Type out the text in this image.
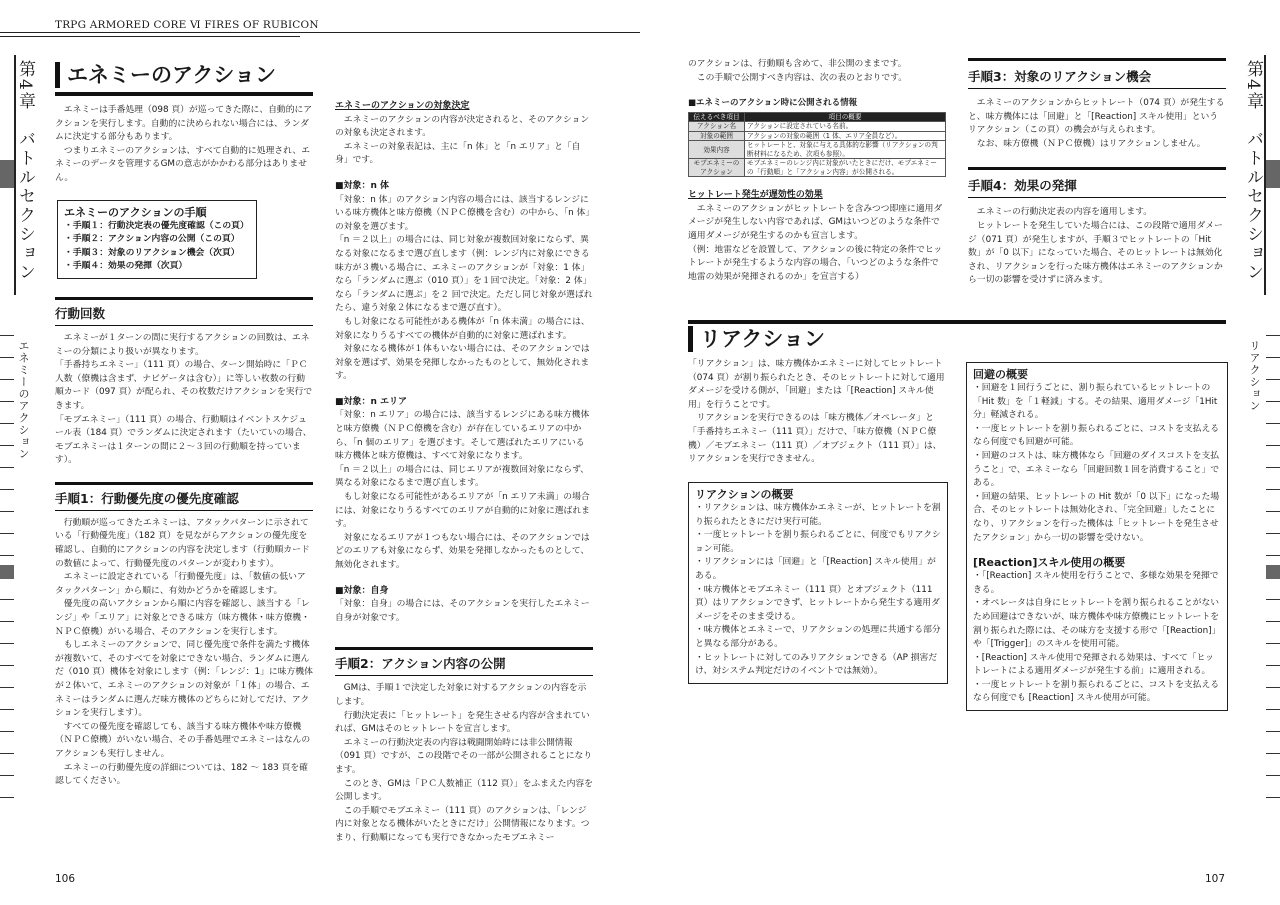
TRPG ARMORED CORE Ⅵ FIRES OF RUBICON
第4章　バトルセクション
エネミーのアクション
第4章　バトルセクション
リアクション
エネミーのアクション

エネミーは手番処理（098 頁）が巡ってきた際に、自動的にアクションを実行します。自動的に決められない場合には、ランダムに決定する部分もあります。

つまりエネミーのアクションは、すべて自動的に処理され、エネミーのデータを管理するGMの意志がかかわる部分はありません。

エネミーのアクションの手順
・手順１：行動決定表の優先度確認（この頁）
・手順２：アクション内容の公開（この頁）
・手順３：対象のリアクション機会（次頁）
・手順４：効果の発揮（次頁）
行動回数

エネミーが１ターンの間に実行するアクションの回数は、エネミーの分類により扱いが異なります。

「手番持ちエネミー」（111 頁）の場合、ターン開始時に「ＰＣ人数（僚機は含まず、ナビゲータは含む）」に等しい枚数の行動順カード（097 頁）が配られ、その枚数だけアクションを実行できます。

「モブエネミー」（111 頁）の場合、行動順はイベントスケジュール表（184 頁）でランダムに決定されます（たいていの場合、モブエネミーは１ターンの間に２～３回の行動順を持っています）。

手順1：行動優先度の優先度確認

行動順が巡ってきたエネミーは、アタックパターンに示されている「行動優先度」（182 頁）を見ながらアクションの優先度を確認し、自動的にアクションの内容を決定します（行動順カードの数値によって、行動優先度のパターンが変わります）。

エネミーに設定されている「行動優先度」は、「数値の低いアタックパターン」から順に、有効かどうかを確認します。

優先度の高いアクションから順に内容を確認し、該当する「レンジ」や「エリア」に対象とできる味方（味方機体・味方僚機・ＮＰＣ僚機）がいる場合、そのアクションを実行します。

もしエネミーのアクションで、同じ優先度で条件を満たす機体が複数いて、そのすべてを対象にできない場合、ランダムに選んだ（010 頁）機体を対象にします（例：「レンジ：1」に味方機体が２体いて、エネミーのアクションの対象が「１体」の場合、エネミーはランダムに選んだ味方機体のどちらに対してだけ、アクションを実行します）。

すべての優先度を確認しても、該当する味方機体や味方僚機（ＮＰＣ僚機）がいない場合、その手番処理でエネミーはなんのアクションも実行しません。

エネミーの行動優先度の詳細については、182 ～ 183 頁を確認してください。

エネミーのアクションの対象決定

エネミーのアクションの内容が決定されると、そのアクションの対象も決定されます。

エネミーの対象表記は、主に「n 体」と「n エリア」と「自身」です。

■対象：n 体

「対象：n 体」のアクション内容の場合には、該当するレンジにいる味方機体と味方僚機（ＮＰＣ僚機を含む）の中から、「n 体」の対象を選びます。

「n ＝２以上」の場合には、同じ対象が複数回対象にならず、異なる対象になるまで選び直します（例：レンジ内に対象にできる味方が３機いる場合に、エネミーのアクションが「対象：1 体」なら「ランダムに選ぶ（010 頁）」を１回で決定。「対象：2 体」なら「ランダムに選ぶ」を２ 回で決定。ただし同じ対象が選ばれたら、違う対象２体になるまで選び直す）。

もし対象になる可能性がある機体が「n 体未満」の場合には、対象になりうるすべての機体が自動的に対象に選ばれます。

対象になる機体が１体もいない場合には、そのアクションでは対象を選ばず、効果を発揮しなかったものとして、無効化されます。

■対象：n エリア

「対象：n エリア」の場合には、該当するレンジにある味方機体と味方僚機（ＮＰＣ僚機を含む）が存在しているエリアの中から、「n 個のエリア」を選びます。そして選ばれたエリアにいる味方機体と味方僚機は、すべて対象になります。

「n ＝２以上」の場合には、同じエリアが複数回対象にならず、異なる対象になるまで選び直します。

もし対象になる可能性があるエリアが「n エリア未満」の場合には、対象になりうるすべてのエリアが自動的に対象に選ばれます。

対象になるエリアが１つもない場合には、そのアクションではどのエリアも対象にならず、効果を発揮しなかったものとして、無効化されます。

■対象：自身

「対象：自身」の場合には、そのアクションを実行したエネミー自身が対象です。

手順2：アクション内容の公開

GMは、手順１で決定した対象に対するアクションの内容を示します。

行動決定表に「ヒットレート」を発生させる内容が含まれていれば、GMはそのヒットレートを宣言します。

エネミーの行動決定表の内容は戦闘開始時には非公開情報（091 頁）ですが、この段階でその一部が公開されることになります。

このとき、GMは「ＰＣ人数補正（112 頁）」をふまえた内容を公開します。

この手順でモブエネミー（111 頁）のアクションは、「レンジ内に対象となる機体がいたときにだけ」公開情報になります。つまり、行動順になっても実行できなかったモブエネミー

のアクションは、行動順も含めて、非公開のままです。

この手順で公開すべき内容は、次の表のとおりです。

■エネミーのアクション時に公開される情報
伝えるべき項目	項目の概要
アクション名	アクションに設定されている名前。
対象の範囲	アクションの対象の範囲（1 体、エリア全員など）。
効果内容	ヒットレートと、対象に与える具体的な影響（リアクションの判断材料になるため、次項も参照）。
モブエネミーのアクション	モブエネミーのレンジ内に対象がいたときにだけ、モブエネミーの「行動順」と「アクション内容」が公開される。
ヒットレート発生が遅効性の効果

エネミーのアクションがヒットレートを含みつつ即座に適用ダメージが発生しない内容であれば、GMはいつどのような条件で適用ダメージが発生するのかも宣言します。

（例：地雷などを設置して、アクションの後に特定の条件でヒットレートが発生するような内容の場合、「いつどのような条件で地雷の効果が発揮されるのか」を宣言する）

手順3：対象のリアクション機会

エネミーのアクションからヒットレート（074 頁）が発生すると、味方機体には「回避」と「[Reaction] スキル使用」というリアクション（この頁）の機会が与えられます。

なお、味方僚機（ＮＰＣ僚機）はリアクションしません。

手順4：効果の発揮

エネミーの行動決定表の内容を適用します。

ヒットレートを発生していた場合には、この段階で適用ダメージ（071 頁）が発生しますが、手順３でヒットレートの「Hit 数」が「0 以下」になっていた場合、そのヒットレートは無効化され、リアクションを行った味方機体はエネミーのアクションから一切の影響を受けずに済みます。

リアクション

「リアクション」は、味方機体かエネミーに対してヒットレート（074 頁）が割り振られたとき、そのヒットレートに対して適用ダメージを受ける側が、「回避」または「[Reaction] スキル使用」を行うことです。

リアクションを実行できるのは「味方機体／オペレータ」と「手番持ちエネミー（111 頁）」だけで、「味方僚機（ＮＰＣ僚機）／モブエネミー（111 頁）／オブジェクト（111 頁）」は、リアクションを実行できません。

リアクションの概要
・リアクションは、味方機体かエネミーが、ヒットレートを割り振られたときにだけ実行可能。
・一度ヒットレートを割り振られるごとに、何度でもリアクション可能。
・リアクションには「回避」と「[Reaction] スキル使用」がある。
・味方機体とモブエネミー（111 頁）とオブジェクト（111 頁）はリアクションできず、ヒットレートから発生する適用ダメージをそのまま受ける。
・味方機体とエネミーで、リアクションの処理に共通する部分と異なる部分がある。
・ヒットレートに対してのみリアクションできる（AP 損害だけ、対システム判定だけのイベントでは無効）。
回避の概要
・回避を１回行うごとに、割り振られているヒットレートの「Hit 数」を「１軽減」する。その結果、適用ダメージ「1Hit 分」軽減される。
・一度ヒットレートを割り振られるごとに、コストを支払えるなら何度でも回避が可能。
・回避のコストは、味方機体なら「回避のダイスコストを支払うこと」で、エネミーなら「回避回数１回を消費すること」である。
・回避の結果、ヒットレートの Hit 数が「0 以下」になった場合、そのヒットレートは無効化され、「完全回避」したことになり、リアクションを行った機体は「ヒットレートを発生させたアクション」から一切の影響を受けない。
[Reaction]スキル使用の概要
・「[Reaction] スキル使用を行うことで、多様な効果を発揮できる。
・オペレータは自身にヒットレートを割り振られることがないため回避はできないが、味方機体や味方僚機にヒットレートを割り振られた際には、その味方を支援する形で「[Reaction]」や「[Trigger]」のスキルを使用可能。
・[Reaction] スキル使用で発揮される効果は、すべて「ヒットレートによる適用ダメージが発生する前」に適用される。
・一度ヒットレートを割り振られるごとに、コストを支払えるなら何度でも [Reaction] スキル使用が可能。
106	107
